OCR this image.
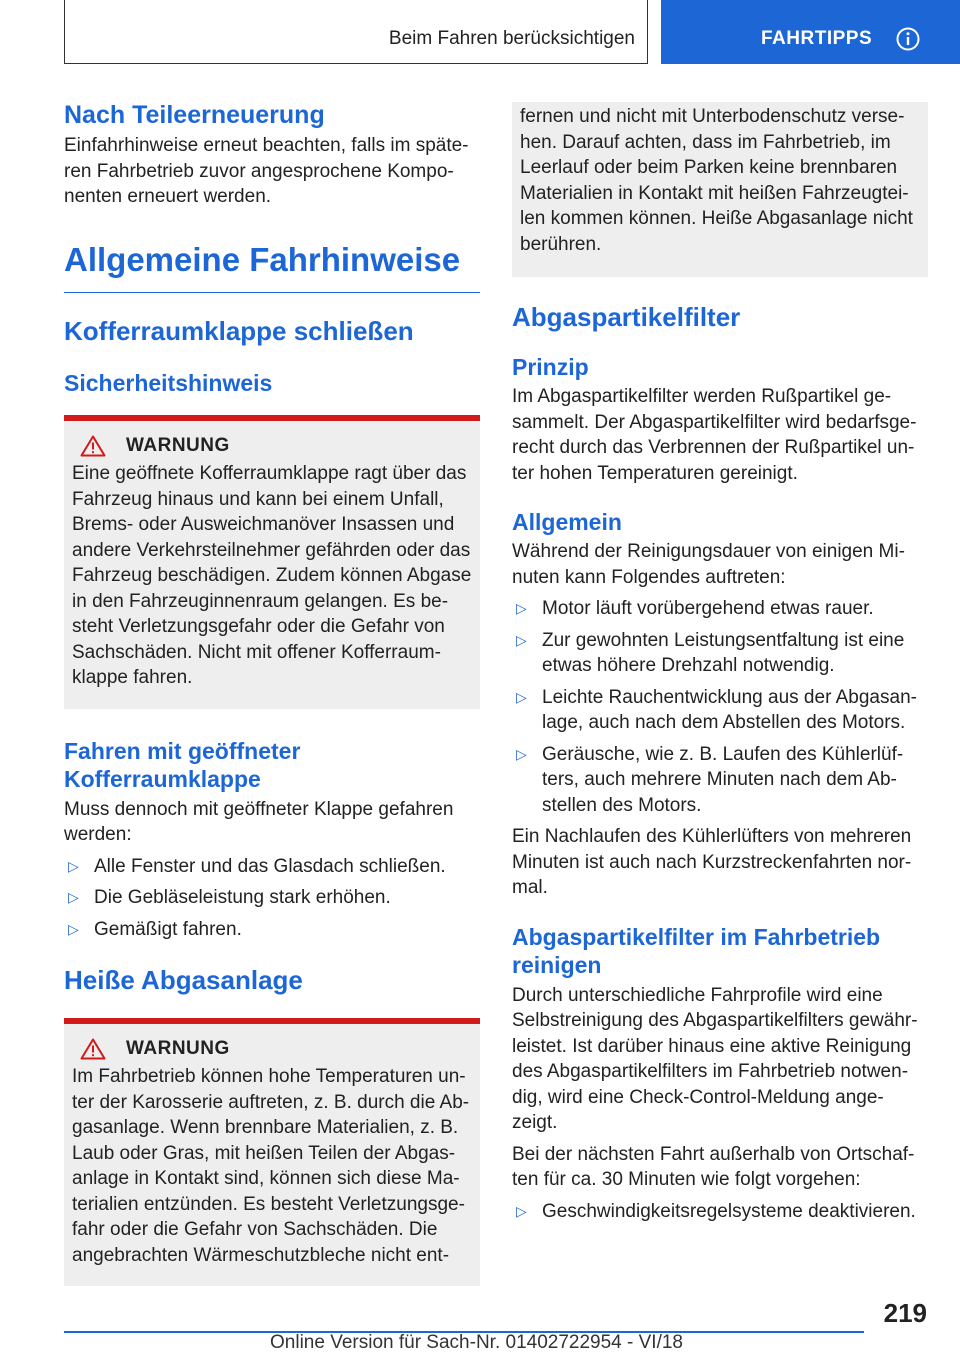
Beim Fahren berücksichtigen	FAHRTIPPS
Nach Teileerneuerung

Einfahrhinweise erneut beachten, falls im späte-ren Fahrbetrieb zuvor angesprochene Kompo-nenten erneuert werden.

Allgemeine Fahrhinweise
Kofferraumklappe schließen
Sicherheitshinweis
WARNUNG

Eine geöffnete Kofferraumklappe ragt über das Fahrzeug hinaus und kann bei einem Unfall, Brems- oder Ausweichmanöver Insassen und andere Verkehrsteilnehmer gefährden oder das Fahrzeug beschädigen. Zudem können Abgase in den Fahrzeuginnenraum gelangen. Es be-steht Verletzungsgefahr oder die Gefahr von Sachschäden. Nicht mit offener Kofferraum-klappe fahren.

Fahren mit geöffneter Kofferraumklappe

Muss dennoch mit geöffneter Klappe gefahren werden:

▷ Alle Fenster und das Glasdach schließen.
▷ Die Gebläseleistung stark erhöhen.
▷ Gemäßigt fahren.
Heiße Abgasanlage
WARNUNG

Im Fahrbetrieb können hohe Temperaturen un-ter der Karosserie auftreten, z. B. durch die Ab-gasanlage. Wenn brennbare Materialien, z. B. Laub oder Gras, mit heißen Teilen der Abgas-anlage in Kontakt sind, können sich diese Ma-terialien entzünden. Es besteht Verletzungsge-fahr oder die Gefahr von Sachschäden. Die angebrachten Wärmeschutzbleche nicht ent-

fernen und nicht mit Unterbodenschutz verse-hen. Darauf achten, dass im Fahrbetrieb, im Leerlauf oder beim Parken keine brennbaren Materialien in Kontakt mit heißen Fahrzeugtei-len kommen können. Heiße Abgasanlage nicht berühren.

Abgaspartikelfilter
Prinzip

Im Abgaspartikelfilter werden Rußpartikel ge-sammelt. Der Abgaspartikelfilter wird bedarfsge-recht durch das Verbrennen der Rußpartikel un-ter hohen Temperaturen gereinigt.

Allgemein

Während der Reinigungsdauer von einigen Mi-nuten kann Folgendes auftreten:

▷ Motor läuft vorübergehend etwas rauer.
▷ Zur gewohnten Leistungsentfaltung ist eine etwas höhere Drehzahl notwendig.
▷ Leichte Rauchentwicklung aus der Abgasan-lage, auch nach dem Abstellen des Motors.
▷ Geräusche, wie z. B. Laufen des Kühlerlüf-ters, auch mehrere Minuten nach dem Ab-stellen des Motors.

Ein Nachlaufen des Kühlerlüfters von mehreren Minuten ist auch nach Kurzstreckenfahrten nor-mal.

Abgaspartikelfilter im Fahrbetrieb reinigen

Durch unterschiedliche Fahrprofile wird eine Selbstreinigung des Abgaspartikelfilters gewähr-leistet. Ist darüber hinaus eine aktive Reinigung des Abgaspartikelfilters im Fahrbetrieb notwen-dig, wird eine Check-Control-Meldung ange-zeigt.

Bei der nächsten Fahrt außerhalb von Ortschaf-ten für ca. 30 Minuten wie folgt vorgehen:

▷ Geschwindigkeitsregelsysteme deaktivieren.
219
Online Version für Sach-Nr. 01402722954 - VI/18
